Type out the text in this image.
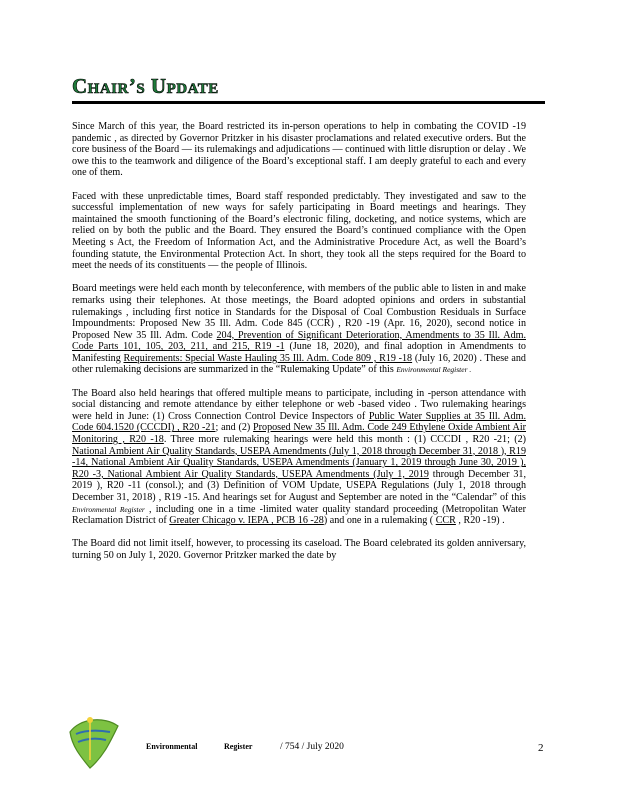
Chair’s Update

Since March of this year, the Board restricted its in-person operations to help in combating the COVID -19 pandemic , as directed by Governor Pritzker in his disaster proclamations and related executive orders. But the core business of the Board — its rulemakings and adjudications — continued with little disruption or delay . We owe this to the teamwork and diligence of the Board’s exceptional staff. I am deeply grateful to each and every one of them.

Faced with these unpredictable times, Board staff responded predictably. They investigated and saw to the successful implementation of new ways for safely participating in Board meetings and hearings. They maintained the smooth functioning of the Board’s electronic filing, docketing, and notice systems, which are relied on by both the public and the Board. They ensured the Board’s continued compliance with the Open Meeting s Act, the Freedom of Information Act, and the Administrative Procedure Act, as well the Board’s founding statute, the Environmental Protection Act. In short, they took all the steps required for the Board to meet the needs of its constituents — the people of Illinois.

Board meetings were held each month by teleconference, with members of the public able to listen in and make remarks using their telephones. At those meetings, the Board adopted opinions and orders in substantial rulemakings , including first notice in Standards for the Disposal of Coal Combustion Residuals in Surface Impoundments: Proposed New 35 Ill. Adm. Code 845 (CCR) , R20 -19 (Apr. 16, 2020), second notice in Proposed New 35 Ill. Adm. Code 204, Prevention of Significant Deterioration, Amendments to 35 Ill. Adm. Code Parts 101, 105, 203, 211, and 215, R19 -1 (June 18, 2020), and final adoption in Amendments to Manifesting Requirements: Special Waste Hauling 35 Ill. Adm. Code 809 , R19 -18 (July 16, 2020) . These and other rulemaking decisions are summarized in the “Rulemaking Update” of this Environmental Register .

The Board also held hearings that offered multiple means to participate, including in -person attendance with social distancing and remote attendance by either telephone or web -based video . Two rulemaking hearings were held in June: (1) Cross Connection Control Device Inspectors of Public Water Supplies at 35 Ill. Adm. Code 604.1520 (CCCDI) , R20 -21; and (2) Proposed New 35 Ill. Adm. Code 249 Ethylene Oxide Ambient Air Monitoring , R20 -18. Three more rulemaking hearings were held this month : (1) CCCDI , R20 -21; (2) National Ambient Air Quality Standards, USEPA Amendments (July 1, 2018 through December 31, 2018 ), R19 -14, National Ambient Air Quality Standards, USEPA Amendments (January 1, 2019 through June 30, 2019 ), R20 -3, National Ambient Air Quality Standards, USEPA Amendments (July 1, 2019 through December 31, 2019 ), R20 -11 (consol.); and (3) Definition of VOM Update, USEPA Regulations (July 1, 2018 through December 31, 2018) , R19 -15. And hearings set for August and September are noted in the “Calendar” of this Environmental Register , including one in a time -limited water quality standard proceeding (Metropolitan Water Reclamation District of Greater Chicago v. IEPA , PCB 16 -28) and one in a rulemaking ( CCR , R20 -19) .

The Board did not limit itself, however, to processing its caseload. The Board celebrated its golden anniversary, turning 50 on July 1, 2020. Governor Pritzker marked the date by

Environmental	Register	/ 754 / July 2020	2
